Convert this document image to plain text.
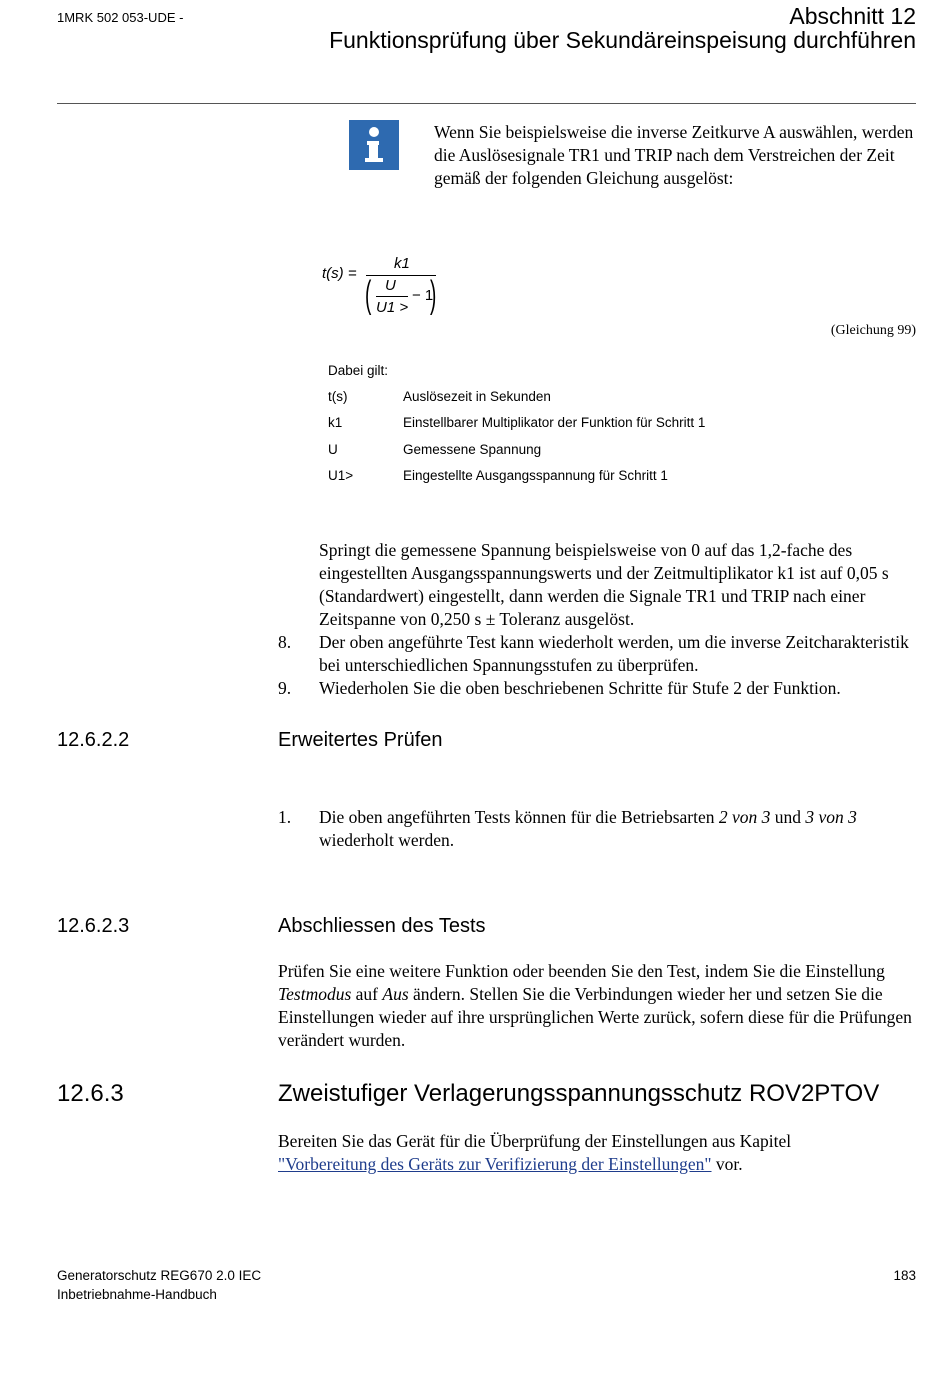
1MRK 502 053-UDE -	Abschnitt 12
Funktionsprüfung über Sekundäreinspeisung durchführen
Wenn Sie beispielsweise die inverse Zeitkurve A auswählen, werden die Auslösesignale TR1 und TRIP nach dem Verstreichen der Zeit gemäß der folgenden Gleichung ausgelöst:
t(s) =
k1
( U
U1 >
− 1
)
(Gleichung 99)
Dabei gilt:
t(s)	Auslösezeit in Sekunden
k1	Einstellbarer Multiplikator der Funktion für Schritt 1
U	Gemessene Spannung
U1>	Eingestellte Ausgangsspannung für Schritt 1
Springt die gemessene Spannung beispielsweise von 0 auf das 1,2-fache des eingestellten Ausgangsspannungswerts und der Zeitmultiplikator k1 ist auf 0,05 s (Standardwert) eingestellt, dann werden die Signale TR1 und TRIP nach einer Zeitspanne von 0,250 s ± Toleranz ausgelöst.
8. Der oben angeführte Test kann wiederholt werden, um die inverse Zeitcharakteristik bei unterschiedlichen Spannungsstufen zu überprüfen.
9. Wiederholen Sie die oben beschriebenen Schritte für Stufe 2 der Funktion.
12.6.2.2	Erweitertes Prüfen
1. Die oben angeführten Tests können für die Betriebsarten 2 von 3 und 3 von 3 wiederholt werden.
12.6.2.3	Abschliessen des Tests
Prüfen Sie eine weitere Funktion oder beenden Sie den Test, indem Sie die Einstellung Testmodus auf Aus ändern. Stellen Sie die Verbindungen wieder her und setzen Sie die Einstellungen wieder auf ihre ursprünglichen Werte zurück, sofern diese für die Prüfungen verändert wurden.
12.6.3	Zweistufiger Verlagerungsspannungsschutz ROV2PTOV
Bereiten Sie das Gerät für die Überprüfung der Einstellungen aus Kapitel
"Vorbereitung des Geräts zur Verifizierung der Einstellungen" vor.
Generatorschutz REG670 2.0 IEC
Inbetriebnahme-Handbuch
183
